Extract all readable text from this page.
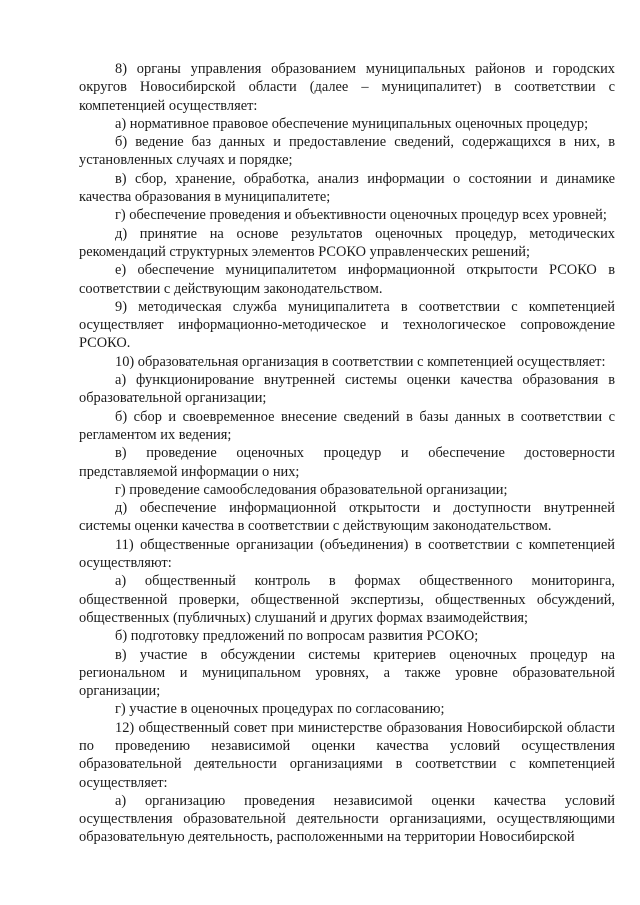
8) органы управления образованием муниципальных районов и городских округов Новосибирской области (далее – муниципалитет) в соответствии с компетенцией осуществляет:

а) нормативное правовое обеспечение муниципальных оценочных процедур;

б) ведение баз данных и предоставление сведений, содержащихся в них, в установленных случаях и порядке;

в) сбор, хранение, обработка, анализ информации о состоянии и динамике качества образования в муниципалитете;

г) обеспечение проведения и объективности оценочных процедур всех уровней;

д) принятие на основе результатов оценочных процедур, методических рекомендаций структурных элементов РСОКО управленческих решений;

е) обеспечение муниципалитетом информационной открытости РСОКО в соответствии с действующим законодательством.

9) методическая служба муниципалитета в соответствии с компетенцией осуществляет информационно-методическое и технологическое сопровождение РСОКО.

10) образовательная организация в соответствии с компетенцией осуществляет:

а) функционирование внутренней системы оценки качества образования в образовательной организации;

б) сбор и своевременное внесение сведений в базы данных в соответствии с регламентом их ведения;

в) проведение оценочных процедур и обеспечение достоверности представляемой информации о них;

г) проведение самообследования образовательной организации;

д) обеспечение информационной открытости и доступности внутренней системы оценки качества в соответствии с действующим законодательством.

11) общественные организации (объединения) в соответствии с компетенцией осуществляют:

а) общественный контроль в формах общественного мониторинга, общественной проверки, общественной экспертизы, общественных обсуждений, общественных (публичных) слушаний и других формах взаимодействия;

б) подготовку предложений по вопросам развития РСОКО;

в) участие в обсуждении системы критериев оценочных процедур на региональном и муниципальном уровнях, а также уровне образовательной организации;

г) участие в оценочных процедурах по согласованию;

12) общественный совет при министерстве образования Новосибирской области по проведению независимой оценки качества условий осуществления образовательной деятельности организациями в соответствии с компетенцией осуществляет:

а) организацию проведения независимой оценки качества условий осуществления образовательной деятельности организациями, осуществляющими образовательную деятельность, расположенными на территории Новосибирской
